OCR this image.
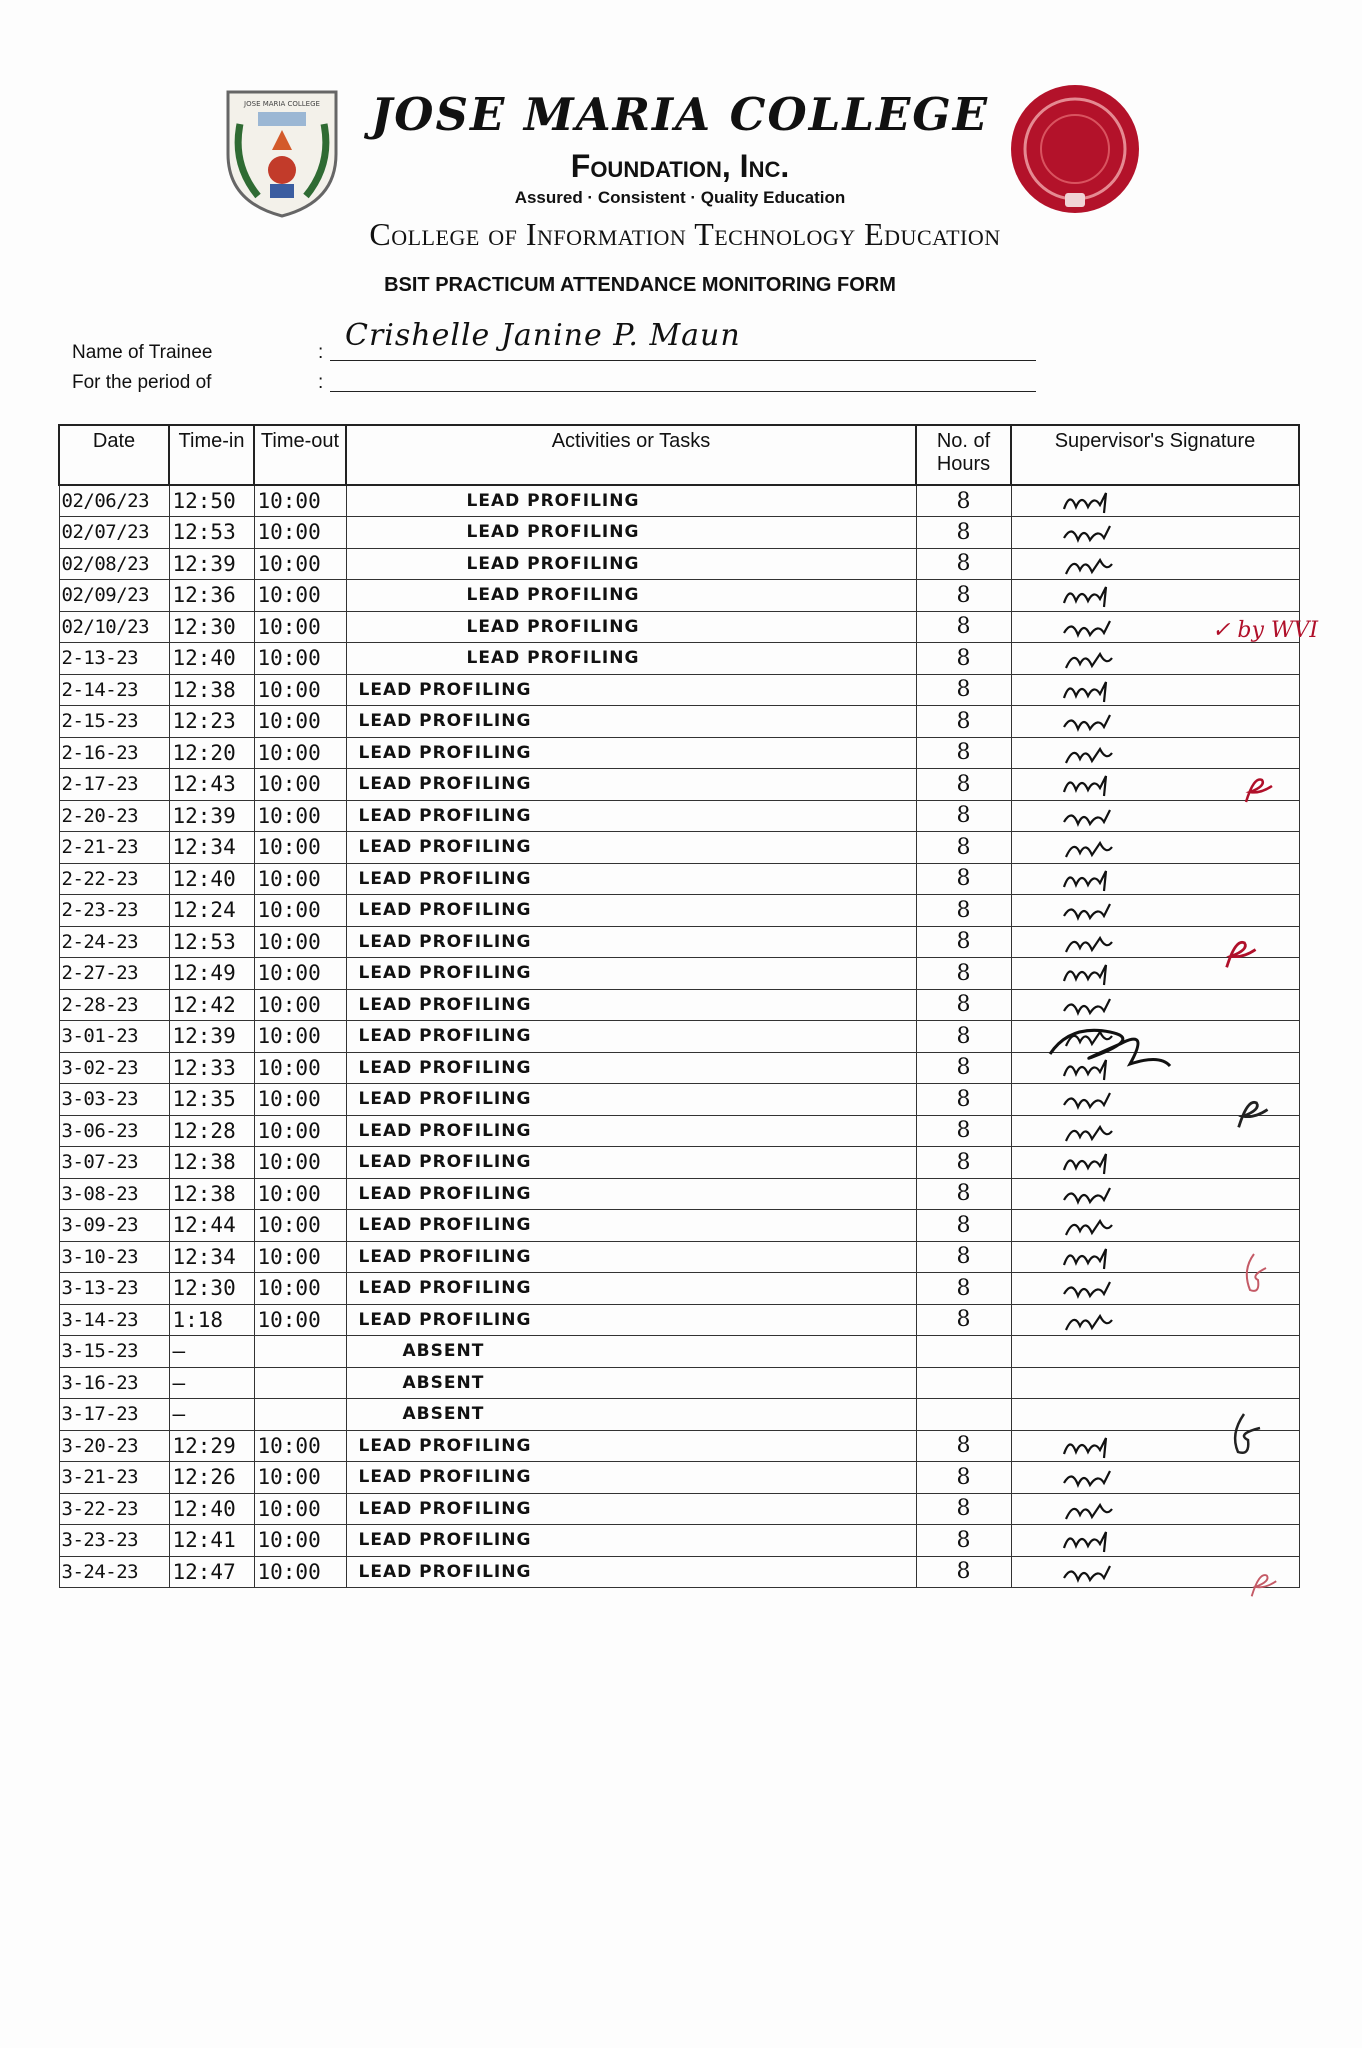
JOSE MARIA COLLEGE JOSE MARIA COLLEGE
Foundation, Inc.
Assured · Consistent · Quality Education
College of Information Technology Education
BSIT PRACTICUM ATTENDANCE MONITORING FORM
Name of Trainee	: Crishelle Janine P. Maun
For the period of	:
Date	Time-in	Time-out	Activities or Tasks	No. of Hours	Supervisor's Signature
02/06/23	12:50	10:00	LEAD PROFILING	8	

02/07/23	12:53	10:00	LEAD PROFILING	8	

02/08/23	12:39	10:00	LEAD PROFILING	8	

02/09/23	12:36	10:00	LEAD PROFILING	8	

02/10/23	12:30	10:00	LEAD PROFILING	8	

2-13-23	12:40	10:00	LEAD PROFILING	8	

2-14-23	12:38	10:00	LEAD PROFILING	8	

2-15-23	12:23	10:00	LEAD PROFILING	8	

2-16-23	12:20	10:00	LEAD PROFILING	8	

2-17-23	12:43	10:00	LEAD PROFILING	8	

2-20-23	12:39	10:00	LEAD PROFILING	8	

2-21-23	12:34	10:00	LEAD PROFILING	8	

2-22-23	12:40	10:00	LEAD PROFILING	8	

2-23-23	12:24	10:00	LEAD PROFILING	8	

2-24-23	12:53	10:00	LEAD PROFILING	8	

2-27-23	12:49	10:00	LEAD PROFILING	8	

2-28-23	12:42	10:00	LEAD PROFILING	8	

3-01-23	12:39	10:00	LEAD PROFILING	8	

3-02-23	12:33	10:00	LEAD PROFILING	8	

3-03-23	12:35	10:00	LEAD PROFILING	8	

3-06-23	12:28	10:00	LEAD PROFILING	8	

3-07-23	12:38	10:00	LEAD PROFILING	8	

3-08-23	12:38	10:00	LEAD PROFILING	8	

3-09-23	12:44	10:00	LEAD PROFILING	8	

3-10-23	12:34	10:00	LEAD PROFILING	8	

3-13-23	12:30	10:00	LEAD PROFILING	8	

3-14-23	1:18	10:00	LEAD PROFILING	8	

3-15-23	—		ABSENT		
3-16-23	—		ABSENT		
3-17-23	—		ABSENT		
3-20-23	12:29	10:00	LEAD PROFILING	8	

3-21-23	12:26	10:00	LEAD PROFILING	8	

3-22-23	12:40	10:00	LEAD PROFILING	8	

3-23-23	12:41	10:00	LEAD PROFILING	8	

3-24-23	12:47	10:00	LEAD PROFILING	8	
✓ by WVI
